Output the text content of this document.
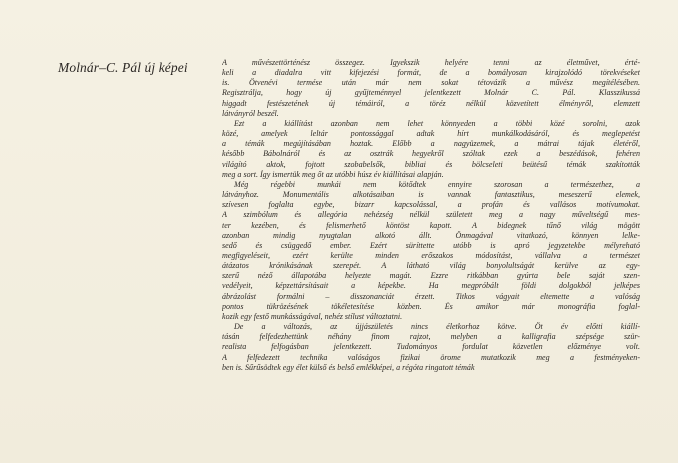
Molnár–C. Pál új képei	A művészettörténész összegez. Igyekszik helyére tenni az életművet, érté-
keli a diadalra vitt kifejezési formát, de a bomályosan kirajzolódó törekvéseket
is. Ötvenévi termése után már nem sokat tétovázik a művész megítélésében.
Regisztrálja, hogy új gyűjteménnyel jelentkezett Molnár C. Pál. Klasszikussá
higgadt festészetének új témáiról, a töréz nélkül közvetített élményről, elemzett
látványról beszél.
Ezt a kiállítást azonban nem lehet könnyeden a többi közé sorolni, azok
közé, amelyek leltár pontossággal adtak hírt munkálkodásáról, és meglepetést
a témák megújításában hoztak. Előbb a nagyüzemek, a mátrai tájak életéről,
később Bábolnáról és az osztrák hegyekről szóltak ezek a beszédások, fehéren
világító aktok, fojtott szobabelsők, bibliai és bölcseleti beütésű témák szakították
meg a sort. Így ismertük meg őt az utóbbi húsz év kiállításai alapján.
Még régebbi munkái nem kötődtek ennyire szorosan a természethez, a
látványhoz. Monumentális alkotásaiban is vannak fantasztikus, meseszerű elemek,
szívesen foglalta egybe, bizarr kapcsolással, a profán és vallásos motívumokat.
A szimbólum és allegória nehézség nélkül született meg a nagy műveltségű mes-
ter kezében, és felismerhető köntöst kapott. A bidegnek tűnő világ mögött
azonban mindig nyugtalan alkotó állt. Önmagával vitatkozó, könnyen lelke-
sedő és csüggedő ember. Ezért süríttette utóbb is apró jegyzetekbe mélyreható
megfigyeléseit, ezért kerülte minden erőszakos módosítást, vállalva a természet
átázatos krónikásának szerepét. A látható világ bonyolultságát kerülve az egy-
szerű néző állapotába helyezte magát. Ezzre ritkábban gyúrta bele saját szen-
vedélyeit, képzettársításait a képekbe. Ha megpróbált földi dolgokból jelképes
ábrázolást formálni – disszonanciát érzett. Titkos vágyait eltemette a valóság
pontos tükrözésének tökéletesítése közben. És amikor már monográfia foglal-
kozik egy festő munkásságával, nehéz stílust változtatni.
De a változás, az újjászületés nincs életkorhoz kötve. Öt év előtti kiállí-
tásán felfedezhettünk néhány finom rajzot, melyben a kalligrafia szépsége szür-
realista felfogásban jelentkezett. Tudományos fordulat közvetlen előzménye volt.
A felfedezett technika valóságos fizikai örome mutatkozik meg a festményeken-
ben is. Sűrűsödtek egy élet külső és belső emlékképei, a régóta ringatott témák
